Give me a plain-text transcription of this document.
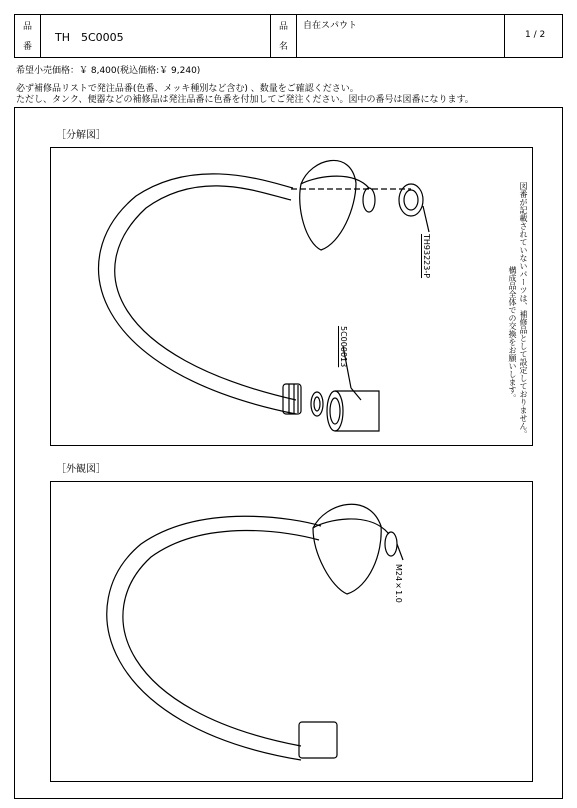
品
番
TH　5C0005
品
名
自在スパウト
1 / 2
希望小売価格：￥ 8,400(税込価格:￥ 9,240)
必ず補修品リストで発注品番(色番、メッキ種別など含む) 、数量をご確認ください。
ただし、タンク、便器などの補修品は発注品番に色番を付加してご発注ください。図中の番号は図番になります。
［分解図］
TH93223-P
5C000013	図番が記載されていないパーツは、補修品として設定しておりません。
構成品全体での交換をお願いします。
［外観図］
M24×1.0
